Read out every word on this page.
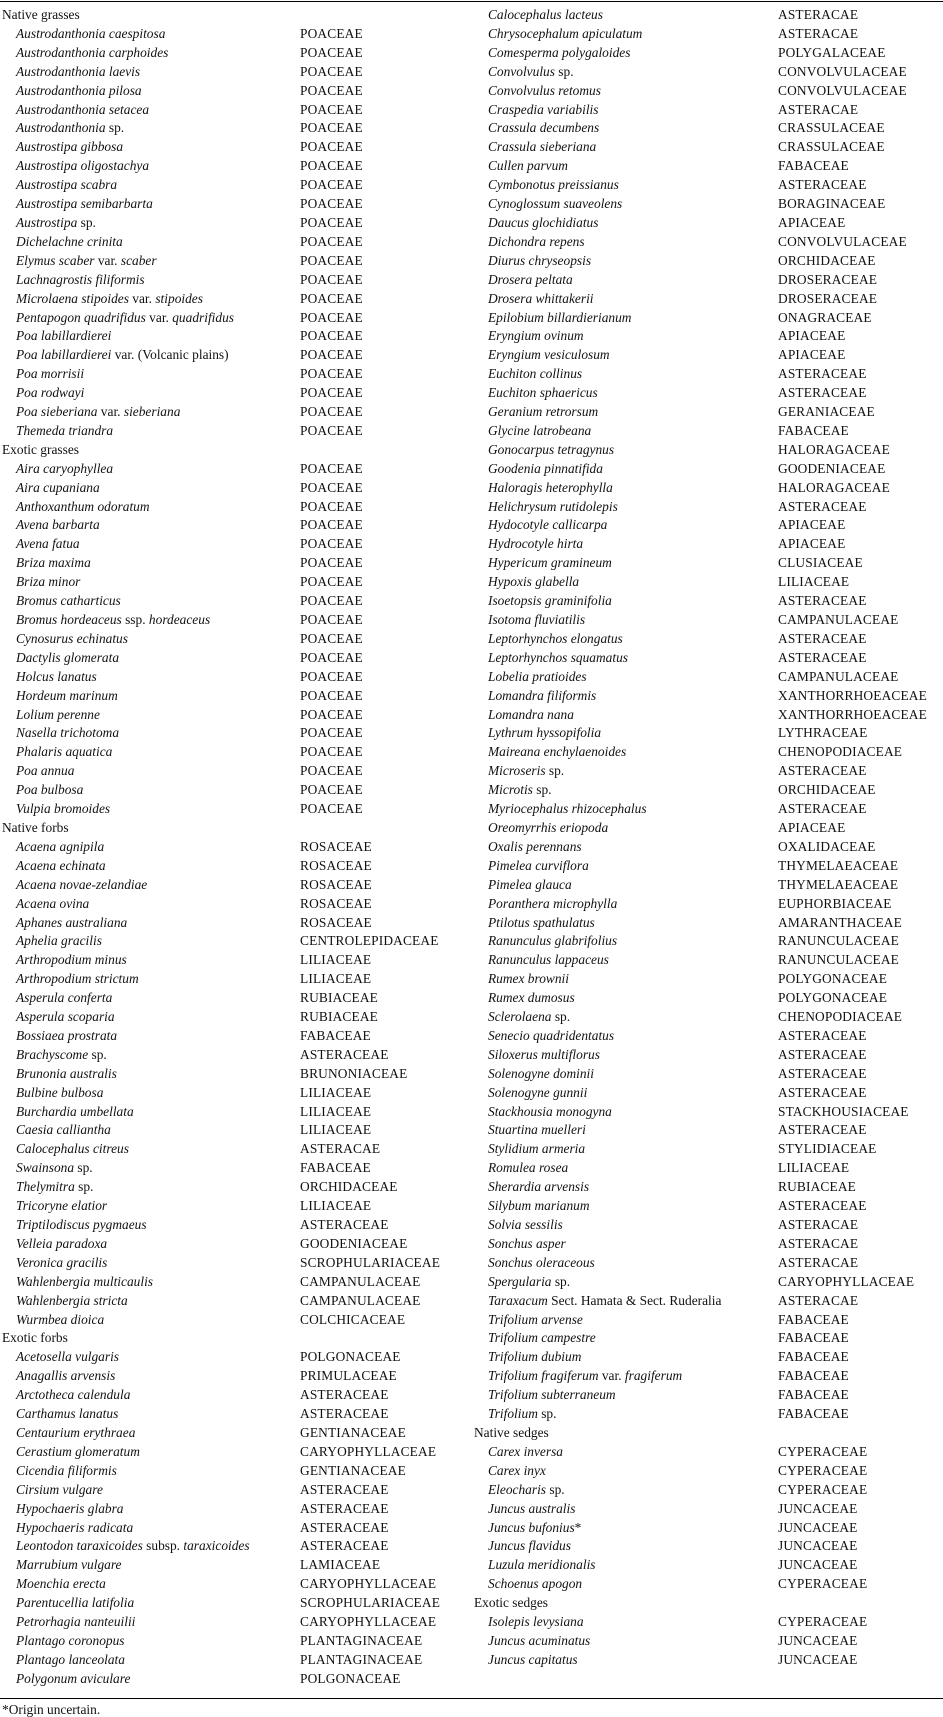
Native grasses
Austrodanthonia caespitosa	POACEAE
Austrodanthonia carphoides	POACEAE
Austrodanthonia laevis	POACEAE
Austrodanthonia pilosa	POACEAE
Austrodanthonia setacea	POACEAE
Austrodanthonia sp.	POACEAE
Austrostipa gibbosa	POACEAE
Austrostipa oligostachya	POACEAE
Austrostipa scabra	POACEAE
Austrostipa semibarbarta	POACEAE
Austrostipa sp.	POACEAE
Dichelachne crinita	POACEAE
Elymus scaber var. scaber	POACEAE
Lachnagrostis filiformis	POACEAE
Microlaena stipoides var. stipoides	POACEAE
Pentapogon quadrifidus var. quadrifidus	POACEAE
Poa labillardierei	POACEAE
Poa labillardierei var. (Volcanic plains)	POACEAE
Poa morrisii	POACEAE
Poa rodwayi	POACEAE
Poa sieberiana var. sieberiana	POACEAE
Themeda triandra	POACEAE
Exotic grasses
Aira caryophyllea	POACEAE
Aira cupaniana	POACEAE
Anthoxanthum odoratum	POACEAE
Avena barbarta	POACEAE
Avena fatua	POACEAE
Briza maxima	POACEAE
Briza minor	POACEAE
Bromus catharticus	POACEAE
Bromus hordeaceus ssp. hordeaceus	POACEAE
Cynosurus echinatus	POACEAE
Dactylis glomerata	POACEAE
Holcus lanatus	POACEAE
Hordeum marinum	POACEAE
Lolium perenne	POACEAE
Nasella trichotoma	POACEAE
Phalaris aquatica	POACEAE
Poa annua	POACEAE
Poa bulbosa	POACEAE
Vulpia bromoides	POACEAE
Native forbs
Acaena agnipila	ROSACEAE
Acaena echinata	ROSACEAE
Acaena novae-zelandiae	ROSACEAE
Acaena ovina	ROSACEAE
Aphanes australiana	ROSACEAE
Aphelia gracilis	CENTROLEPIDACEAE
Arthropodium minus	LILIACEAE
Arthropodium strictum	LILIACEAE
Asperula conferta	RUBIACEAE
Asperula scoparia	RUBIACEAE
Bossiaea prostrata	FABACEAE
Brachyscome sp.	ASTERACEAE
Brunonia australis	BRUNONIACEAE
Bulbine bulbosa	LILIACEAE
Burchardia umbellata	LILIACEAE
Caesia calliantha	LILIACEAE
Calocephalus citreus	ASTERACAE
Swainsona sp.	FABACEAE
Thelymitra sp.	ORCHIDACEAE
Tricoryne elatior	LILIACEAE
Triptilodiscus pygmaeus	ASTERACEAE
Velleia paradoxa	GOODENIACEAE
Veronica gracilis	SCROPHULARIACEAE
Wahlenbergia multicaulis	CAMPANULACEAE
Wahlenbergia stricta	CAMPANULACEAE
Wurmbea dioica	COLCHICACEAE
Exotic forbs
Acetosella vulgaris	POLGONACEAE
Anagallis arvensis	PRIMULACEAE
Arctotheca calendula	ASTERACEAE
Carthamus lanatus	ASTERACEAE
Centaurium erythraea	GENTIANACEAE
Cerastium glomeratum	CARYOPHYLLACEAE
Cicendia filiformis	GENTIANACEAE
Cirsium vulgare	ASTERACEAE
Hypochaeris glabra	ASTERACEAE
Hypochaeris radicata	ASTERACEAE
Leontodon taraxicoides subsp. taraxicoides	ASTERACEAE
Marrubium vulgare	LAMIACEAE
Moenchia erecta	CARYOPHYLLACEAE
Parentucellia latifolia	SCROPHULARIACEAE
Petrorhagia nanteuilii	CARYOPHYLLACEAE
Plantago coronopus	PLANTAGINACEAE
Plantago lanceolata	PLANTAGINACEAE
Polygonum aviculare	POLGONACEAE
Calocephalus lacteus	ASTERACAE
Chrysocephalum apiculatum	ASTERACAE
Comesperma polygaloides	POLYGALACEAE
Convolvulus sp.	CONVOLVULACEAE
Convolvulus retomus	CONVOLVULACEAE
Craspedia variabilis	ASTERACAE
Crassula decumbens	CRASSULACEAE
Crassula sieberiana	CRASSULACEAE
Cullen parvum	FABACEAE
Cymbonotus preissianus	ASTERACEAE
Cynoglossum suaveolens	BORAGINACEAE
Daucus glochidiatus	APIACEAE
Dichondra repens	CONVOLVULACEAE
Diurus chryseopsis	ORCHIDACEAE
Drosera peltata	DROSERACEAE
Drosera whittakerii	DROSERACEAE
Epilobium billardierianum	ONAGRACEAE
Eryngium ovinum	APIACEAE
Eryngium vesiculosum	APIACEAE
Euchiton collinus	ASTERACEAE
Euchiton sphaericus	ASTERACEAE
Geranium retrorsum	GERANIACEAE
Glycine latrobeana	FABACEAE
Gonocarpus tetragynus	HALORAGACEAE
Goodenia pinnatifida	GOODENIACEAE
Haloragis heterophylla	HALORAGACEAE
Helichrysum rutidolepis	ASTERACEAE
Hydocotyle callicarpa	APIACEAE
Hydrocotyle hirta	APIACEAE
Hypericum gramineum	CLUSIACEAE
Hypoxis glabella	LILIACEAE
Isoetopsis graminifolia	ASTERACEAE
Isotoma fluviatilis	CAMPANULACEAE
Leptorhynchos elongatus	ASTERACEAE
Leptorhynchos squamatus	ASTERACEAE
Lobelia pratioides	CAMPANULACEAE
Lomandra filiformis	XANTHORRHOEACEAE
Lomandra nana	XANTHORRHOEACEAE
Lythrum hyssopifolia	LYTHRACEAE
Maireana enchylaenoides	CHENOPODIACEAE
Microseris sp.	ASTERACEAE
Microtis sp.	ORCHIDACEAE
Myriocephalus rhizocephalus	ASTERACEAE
Oreomyrrhis eriopoda	APIACEAE
Oxalis perennans	OXALIDACEAE
Pimelea curviflora	THYMELAEACEAE
Pimelea glauca	THYMELAEACEAE
Poranthera microphylla	EUPHORBIACEAE
Ptilotus spathulatus	AMARANTHACEAE
Ranunculus glabrifolius	RANUNCULACEAE
Ranunculus lappaceus	RANUNCULACEAE
Rumex brownii	POLYGONACEAE
Rumex dumosus	POLYGONACEAE
Sclerolaena sp.	CHENOPODIACEAE
Senecio quadridentatus	ASTERACEAE
Siloxerus multiflorus	ASTERACEAE
Solenogyne dominii	ASTERACEAE
Solenogyne gunnii	ASTERACEAE
Stackhousia monogyna	STACKHOUSIACEAE
Stuartina muelleri	ASTERACEAE
Stylidium armeria	STYLIDIACEAE
Romulea rosea	LILIACEAE
Sherardia arvensis	RUBIACEAE
Silybum marianum	ASTERACEAE
Solvia sessilis	ASTERACAE
Sonchus asper	ASTERACAE
Sonchus oleraceous	ASTERACAE
Spergularia sp.	CARYOPHYLLACEAE
Taraxacum Sect. Hamata & Sect. Ruderalia	ASTERACAE
Trifolium arvense	FABACEAE
Trifolium campestre	FABACEAE
Trifolium dubium	FABACEAE
Trifolium fragiferum var. fragiferum	FABACEAE
Trifolium subterraneum	FABACEAE
Trifolium sp.	FABACEAE
Native sedges
Carex inversa	CYPERACEAE
Carex inyx	CYPERACEAE
Eleocharis sp.	CYPERACEAE
Juncus australis	JUNCACEAE
Juncus bufonius*	JUNCACEAE
Juncus flavidus	JUNCACEAE
Luzula meridionalis	JUNCACEAE
Schoenus apogon	CYPERACEAE
Exotic sedges
Isolepis levysiana	CYPERACEAE
Juncus acuminatus	JUNCACEAE
Juncus capitatus	JUNCACEAE
*Origin uncertain.
